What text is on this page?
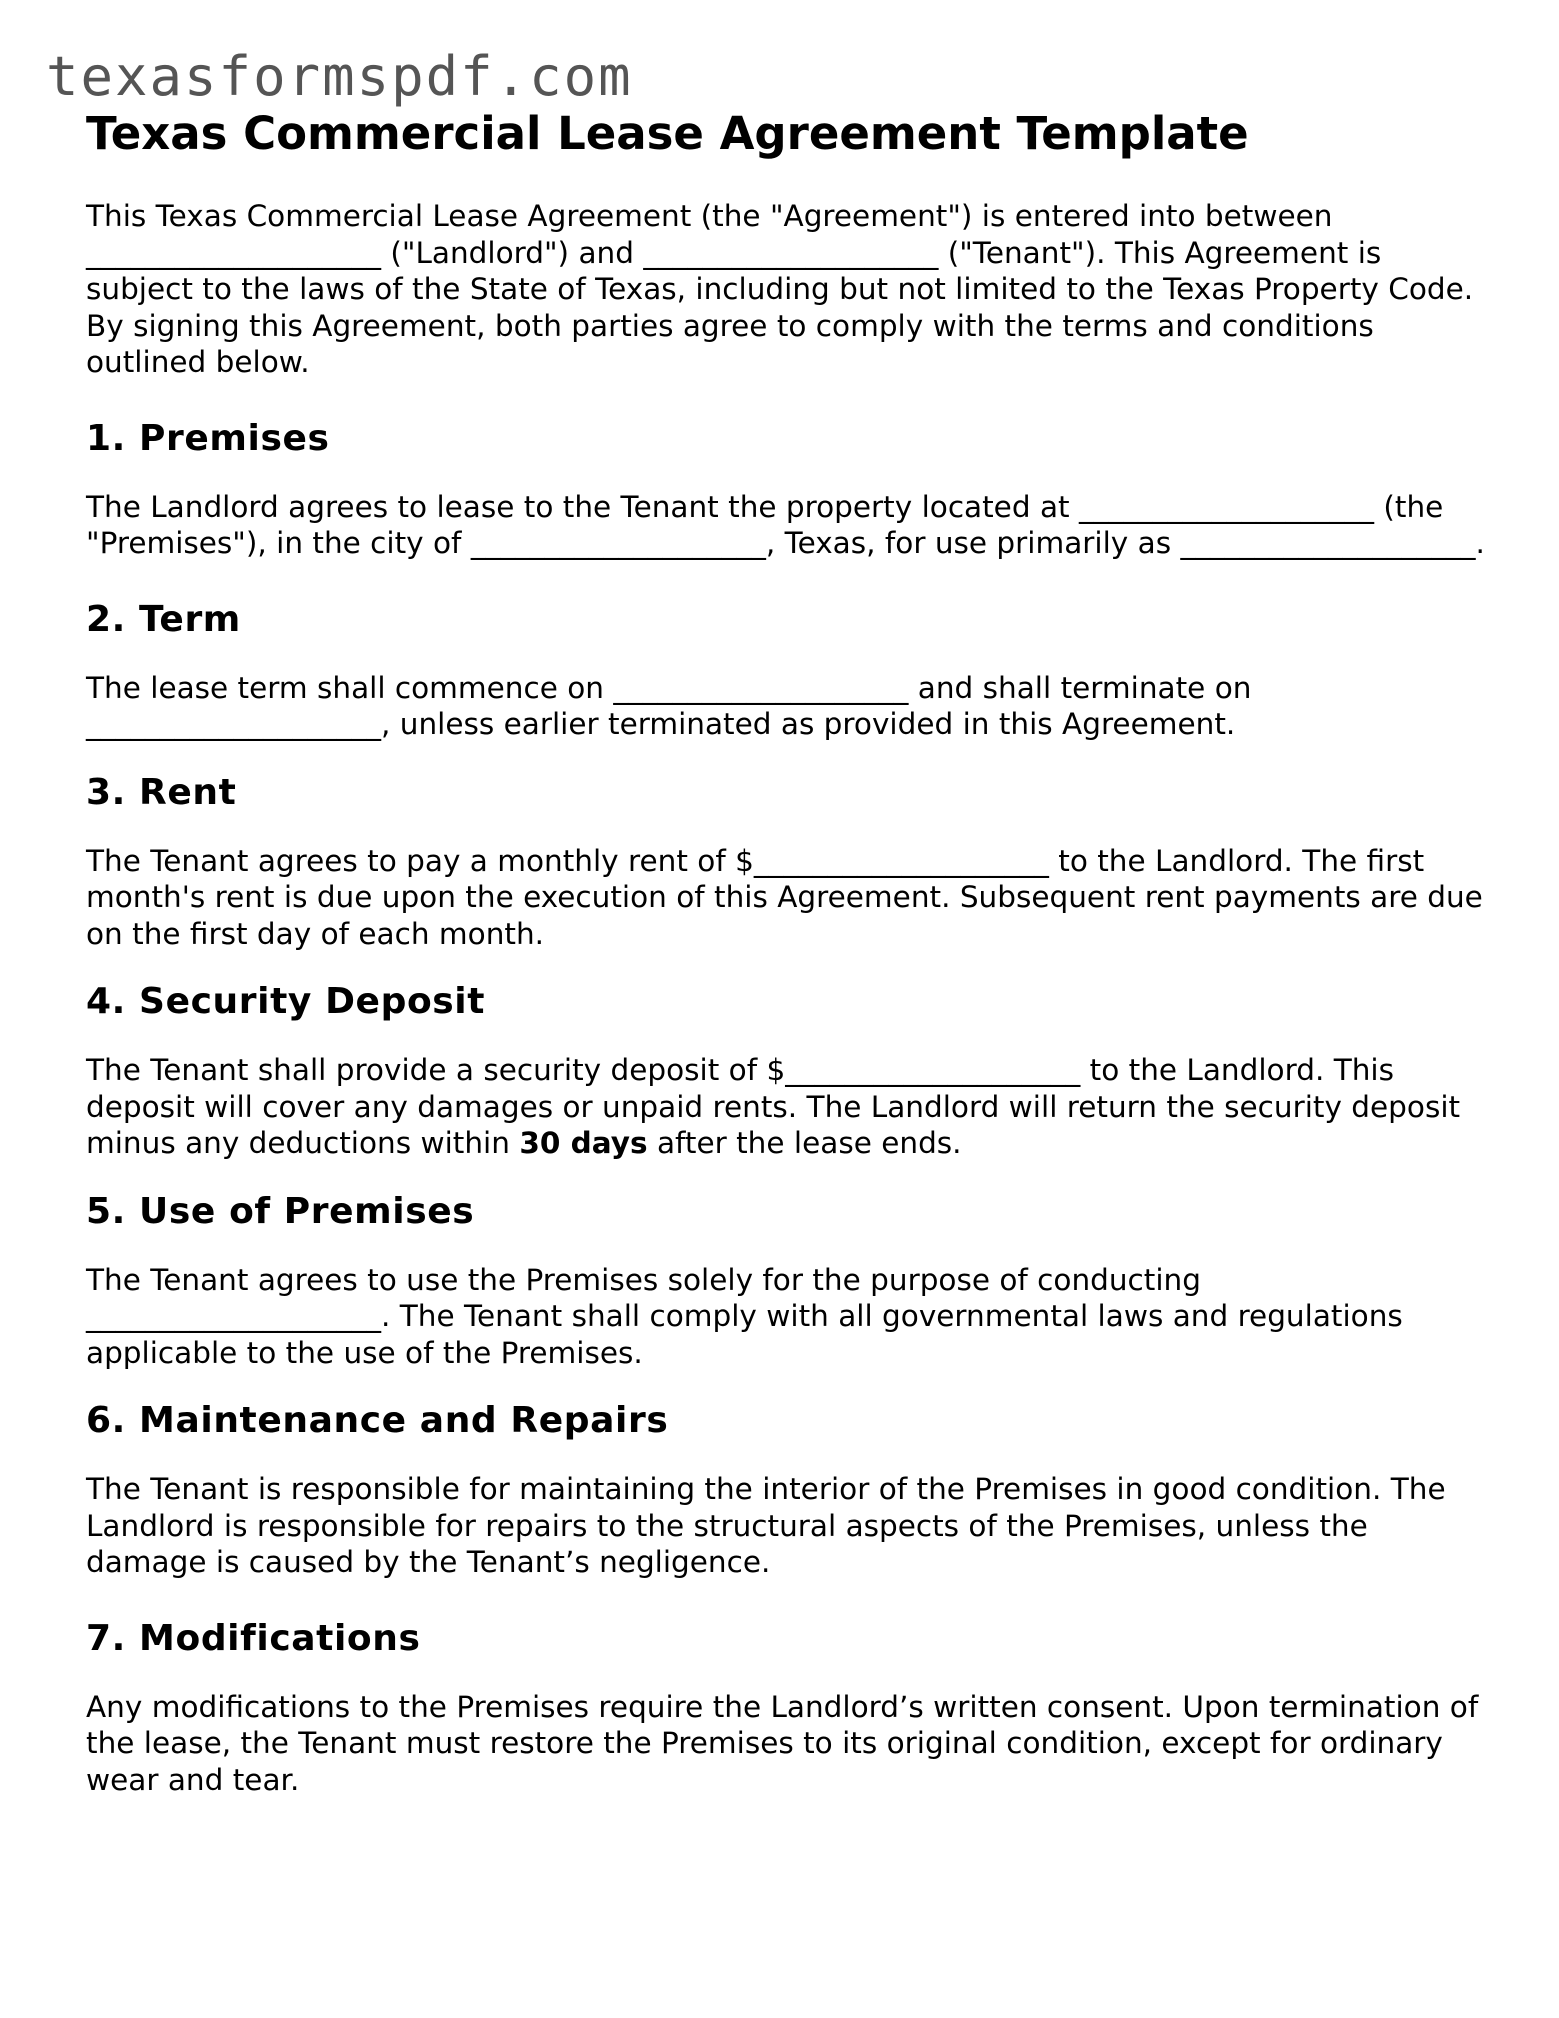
texasformspdf.com
Texas Commercial Lease Agreement Template

This Texas Commercial Lease Agreement (the "Agreement") is entered into between ____________________ ("Landlord") and ____________________ ("Tenant"). This Agreement is subject to the laws of the State of Texas, including but not limited to the Texas Property Code. By signing this Agreement, both parties agree to comply with the terms and conditions outlined below.

1. Premises

The Landlord agrees to lease to the Tenant the property located at ____________________ (the "Premises"), in the city of ____________________, Texas, for use primarily as ____________________.

2. Term

The lease term shall commence on ____________________ and shall terminate on ____________________, unless earlier terminated as provided in this Agreement.

3. Rent

The Tenant agrees to pay a monthly rent of $____________________ to the Landlord. The first month's rent is due upon the execution of this Agreement. Subsequent rent payments are due on the first day of each month.

4. Security Deposit

The Tenant shall provide a security deposit of $____________________ to the Landlord. This deposit will cover any damages or unpaid rents. The Landlord will return the security deposit minus any deductions within 30 days after the lease ends.

5. Use of Premises

The Tenant agrees to use the Premises solely for the purpose of conducting ____________________. The Tenant shall comply with all governmental laws and regulations applicable to the use of the Premises.

6. Maintenance and Repairs

The Tenant is responsible for maintaining the interior of the Premises in good condition. The Landlord is responsible for repairs to the structural aspects of the Premises, unless the damage is caused by the Tenant’s negligence.

7. Modifications

Any modifications to the Premises require the Landlord’s written consent. Upon termination of the lease, the Tenant must restore the Premises to its original condition, except for ordinary wear and tear.
